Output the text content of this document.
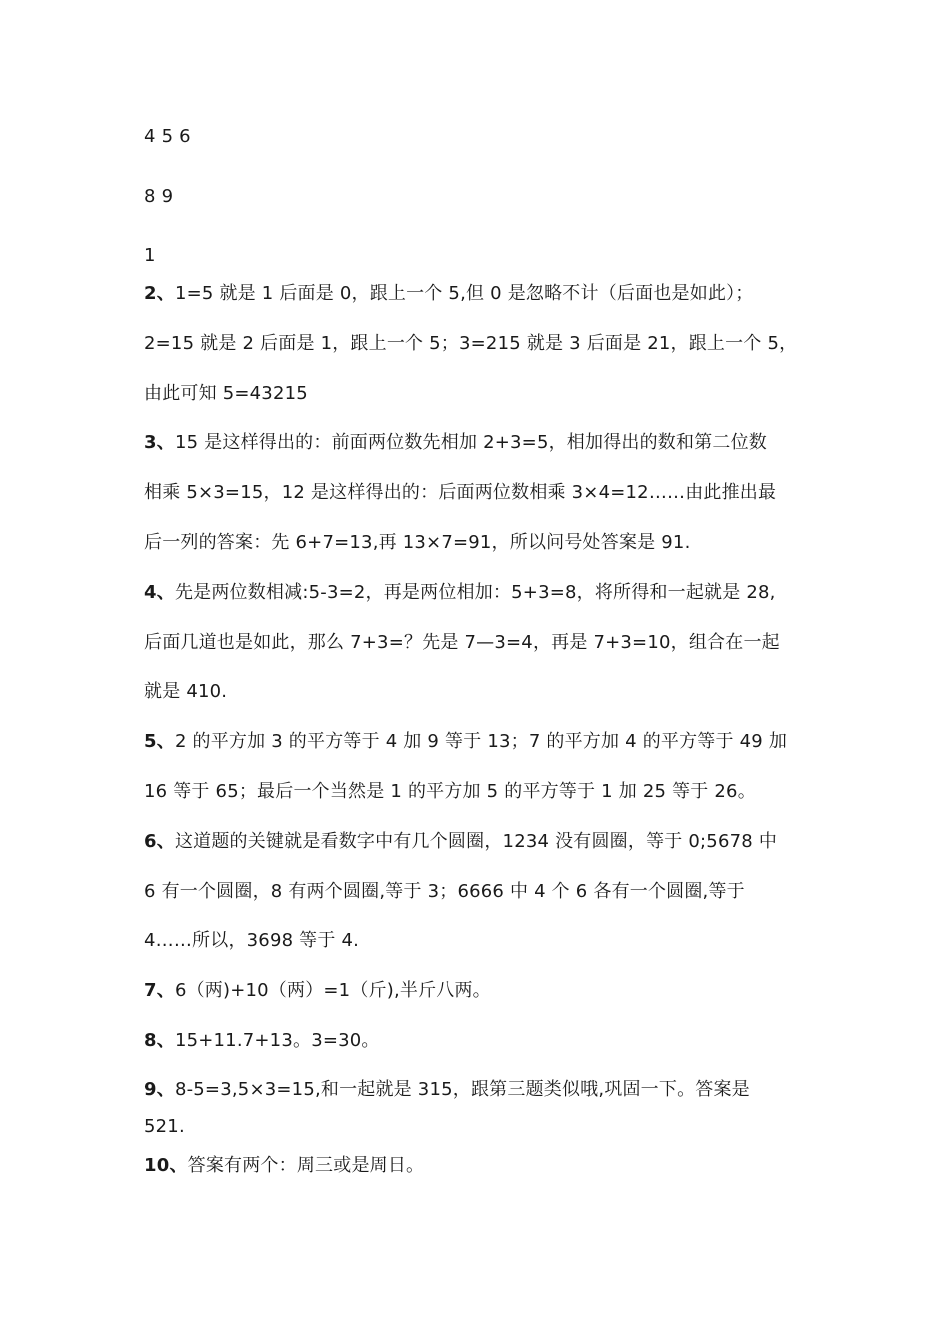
4 5 6
8 9
1
2、1=5 就是 1 后面是 0，跟上一个 5,但 0 是忽略不计（后面也是如此）；
2=15 就是 2 后面是 1，跟上一个 5；3=215 就是 3 后面是 21，跟上一个 5，
由此可知 5=43215
3、15 是这样得出的：前面两位数先相加 2+3=5，相加得出的数和第二位数
相乘 5×3=15，12 是这样得出的：后面两位数相乘 3×4=12……由此推出最
后一列的答案：先 6+7=13,再 13×7=91，所以问号处答案是 91.
4、先是两位数相减:5-3=2，再是两位相加：5+3=8，将所得和一起就是 28,
后面几道也是如此，那么 7+3=？先是 7—3=4，再是 7+3=10，组合在一起
就是 410.
5、2 的平方加 3 的平方等于 4 加 9 等于 13；7 的平方加 4 的平方等于 49 加
16 等于 65；最后一个当然是 1 的平方加 5 的平方等于 1 加 25 等于 26。
6、这道题的关键就是看数字中有几个圆圈，1234 没有圆圈，等于 0;5678 中
6 有一个圆圈，8 有两个圆圈,等于 3；6666 中 4 个 6 各有一个圆圈,等于
4……所以，3698 等于 4.
7、6（两)+10（两）=1（斤),半斤八两。
8、15+11.7+13。3=30。
9、8-5=3,5×3=15,和一起就是 315，跟第三题类似哦,巩固一下。答案是
521.
10、答案有两个：周三或是周日。
